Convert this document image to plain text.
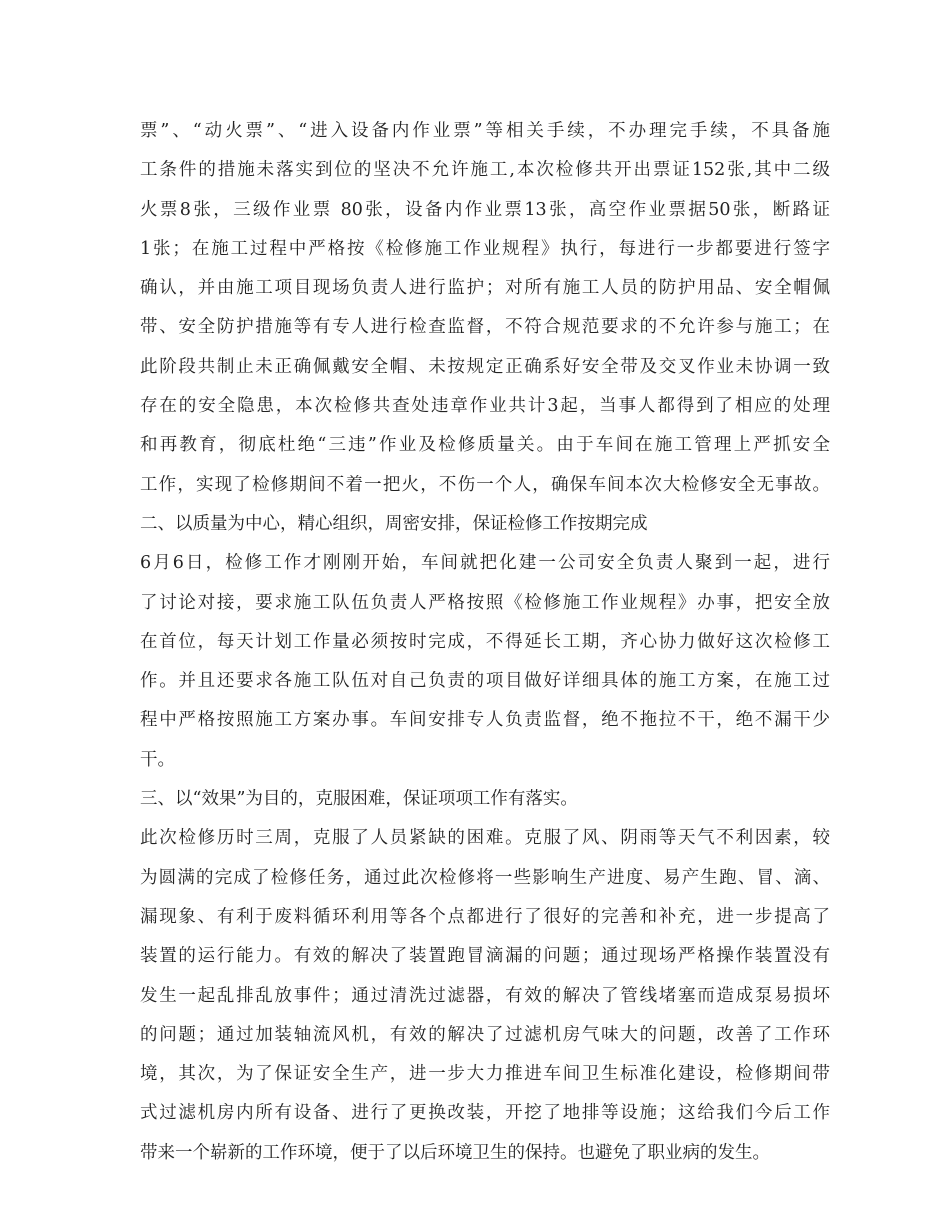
票”、“动火票”、“进入设备内作业票”等相关手续，不办理完手续，不具备施
工条件的措施未落实到位的坚决不允许施工,本次检修共开出票证152张,其中二级
火票8张，三级作业票 80张，设备内作业票13张，高空作业票据50张，断路证
1张；在施工过程中严格按《检修施工作业规程》执行，每进行一步都要进行签字
确认，并由施工项目现场负责人进行监护；对所有施工人员的防护用品、安全帽佩
带、安全防护措施等有专人进行检查监督，不符合规范要求的不允许参与施工；在
此阶段共制止未正确佩戴安全帽、未按规定正确系好安全带及交叉作业未协调一致
存在的安全隐患，本次检修共查处违章作业共计3起，当事人都得到了相应的处理
和再教育，彻底杜绝“三违”作业及检修质量关。由于车间在施工管理上严抓安全
工作，实现了检修期间不着一把火，不伤一个人，确保车间本次大检修安全无事故。
二、以质量为中心，精心组织，周密安排，保证检修工作按期完成
6月6日，检修工作才刚刚开始，车间就把化建一公司安全负责人聚到一起，进行
了讨论对接，要求施工队伍负责人严格按照《检修施工作业规程》办事，把安全放
在首位，每天计划工作量必须按时完成，不得延长工期，齐心协力做好这次检修工
作。并且还要求各施工队伍对自己负责的项目做好详细具体的施工方案，在施工过
程中严格按照施工方案办事。车间安排专人负责监督，绝不拖拉不干，绝不漏干少
干。
三、以“效果”为目的，克服困难，保证项项工作有落实。
此次检修历时三周，克服了人员紧缺的困难。克服了风、阴雨等天气不利因素，较
为圆满的完成了检修任务，通过此次检修将一些影响生产进度、易产生跑、冒、滴、
漏现象、有利于废料循环利用等各个点都进行了很好的完善和补充，进一步提高了
装置的运行能力。有效的解决了装置跑冒滴漏的问题；通过现场严格操作装置没有
发生一起乱排乱放事件；通过清洗过滤器，有效的解决了管线堵塞而造成泵易损坏
的问题；通过加装轴流风机，有效的解决了过滤机房气味大的问题，改善了工作环
境，其次，为了保证安全生产，进一步大力推进车间卫生标准化建设，检修期间带
式过滤机房内所有设备、进行了更换改装，开挖了地排等设施；这给我们今后工作
带来一个崭新的工作环境，便于了以后环境卫生的保持。也避免了职业病的发生。
